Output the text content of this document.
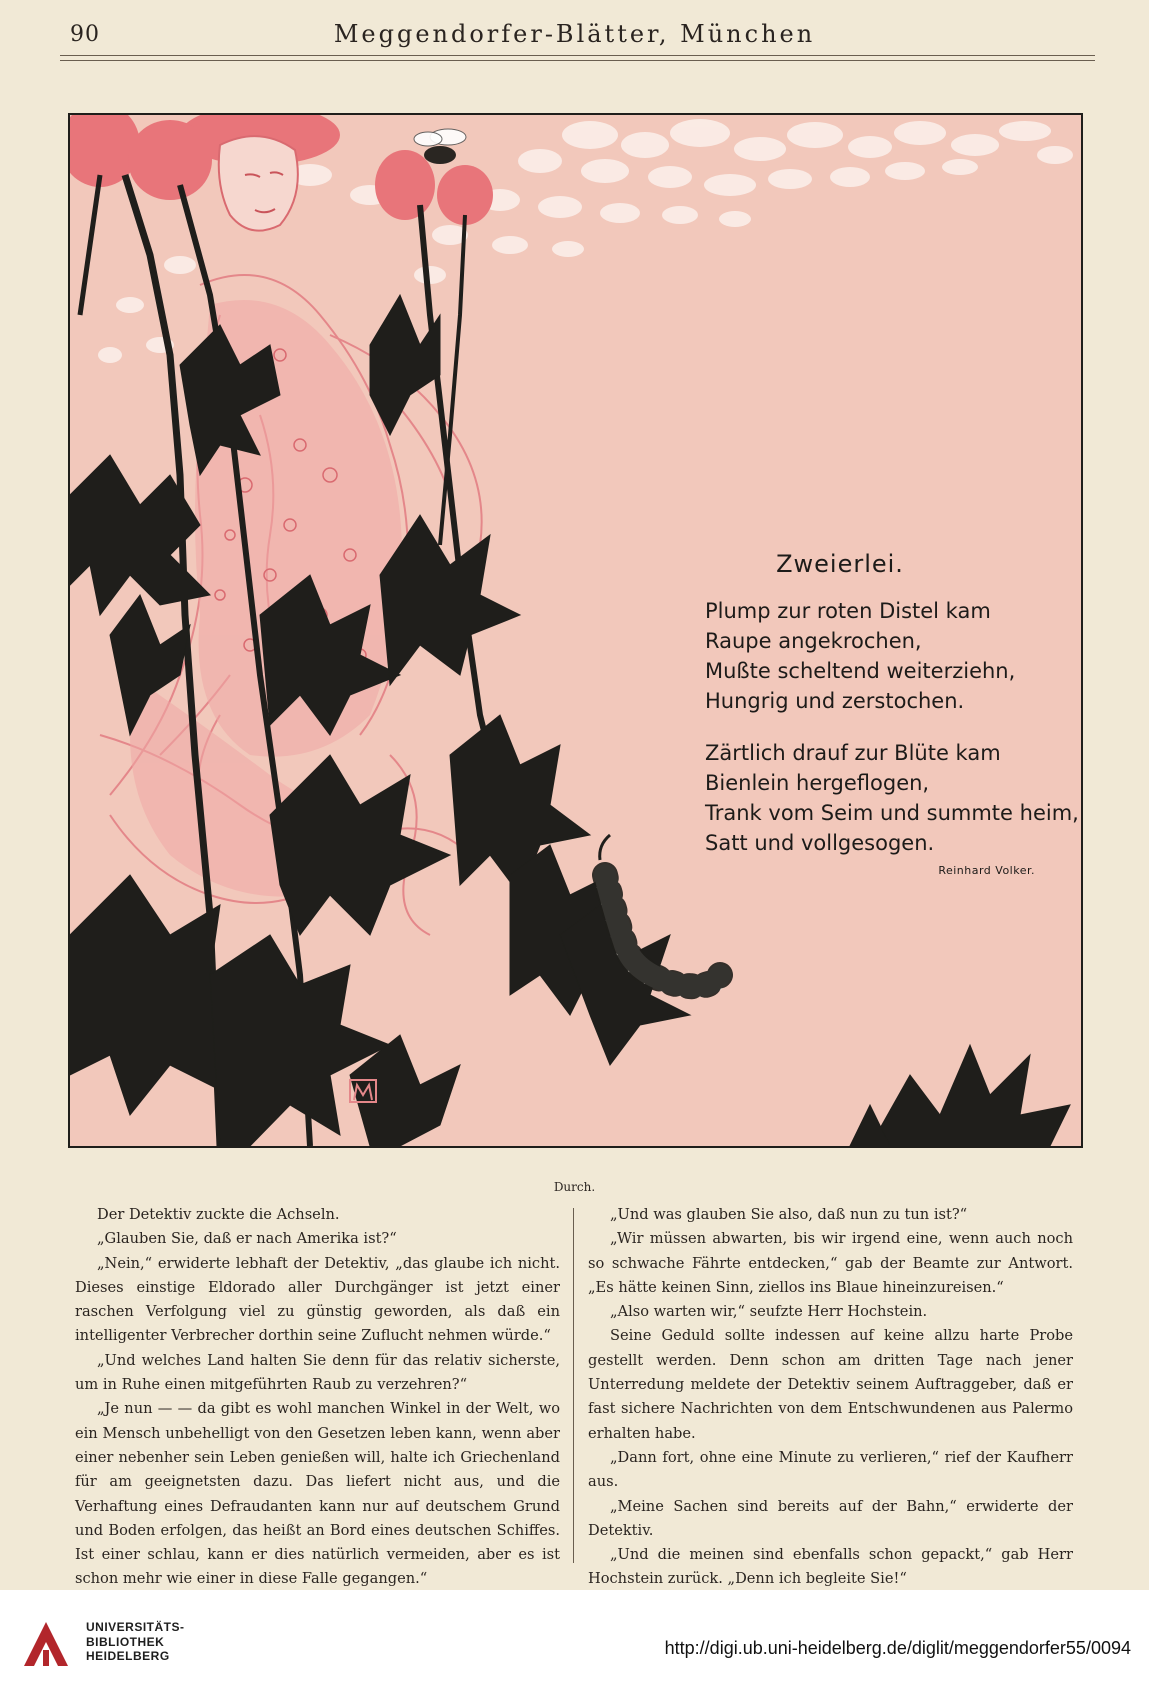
90	Meggendorfer-Blätter, München
Zweierlei.
Plump zur roten Distel kam
Raupe angekrochen,
Mußte scheltend weiterziehn,
Hungrig und zerstochen.
Zärtlich drauf zur Blüte kam
Bienlein hergeflogen,
Trank vom Seim und summte heim,
Satt und vollgesogen.
Reinhard Volker.
Durch.

Der Detektiv zuckte die Achseln.

„Glauben Sie, daß er nach Amerika ist?“

„Nein,“ erwiderte lebhaft der Detektiv, „das glaube ich nicht. Dieses einstige Eldorado aller Durchgänger ist jetzt einer raschen Verfolgung viel zu günstig geworden, als daß ein intelligenter Verbrecher dorthin seine Zuflucht nehmen würde.“

„Und welches Land halten Sie denn für das relativ sicherste, um in Ruhe einen mitgeführten Raub zu verzehren?“

„Je nun — — da gibt es wohl manchen Winkel in der Welt, wo ein Mensch unbehelligt von den Gesetzen leben kann, wenn aber einer nebenher sein Leben genießen will, halte ich Griechenland für am geeignetsten dazu. Das liefert nicht aus, und die Verhaftung eines Defraudanten kann nur auf deutschem Grund und Boden erfolgen, das heißt an Bord eines deutschen Schiffes. Ist einer schlau, kann er dies natürlich vermeiden, aber es ist schon mehr wie einer in diese Falle gegangen.“

„Und was glauben Sie also, daß nun zu tun ist?“

„Wir müssen abwarten, bis wir irgend eine, wenn auch noch so schwache Fährte entdecken,“ gab der Beamte zur Antwort. „Es hätte keinen Sinn, ziellos ins Blaue hineinzureisen.“

„Also warten wir,“ seufzte Herr Hochstein.

Seine Geduld sollte indessen auf keine allzu harte Probe gestellt werden. Denn schon am dritten Tage nach jener Unterredung meldete der Detektiv seinem Auftraggeber, daß er fast sichere Nachrichten von dem Entschwundenen aus Palermo erhalten habe.

„Dann fort, ohne eine Minute zu verlieren,“ rief der Kaufherr aus.

„Meine Sachen sind bereits auf der Bahn,“ erwiderte der Detektiv.

„Und die meinen sind ebenfalls schon gepackt,“ gab Herr Hochstein zurück. „Denn ich begleite Sie!“

UNIVERSITÄTS-
BIBLIOTHEK
HEIDELBERG	http://digi.ub.uni-heidelberg.de/diglit/meggendorfer55/0094
